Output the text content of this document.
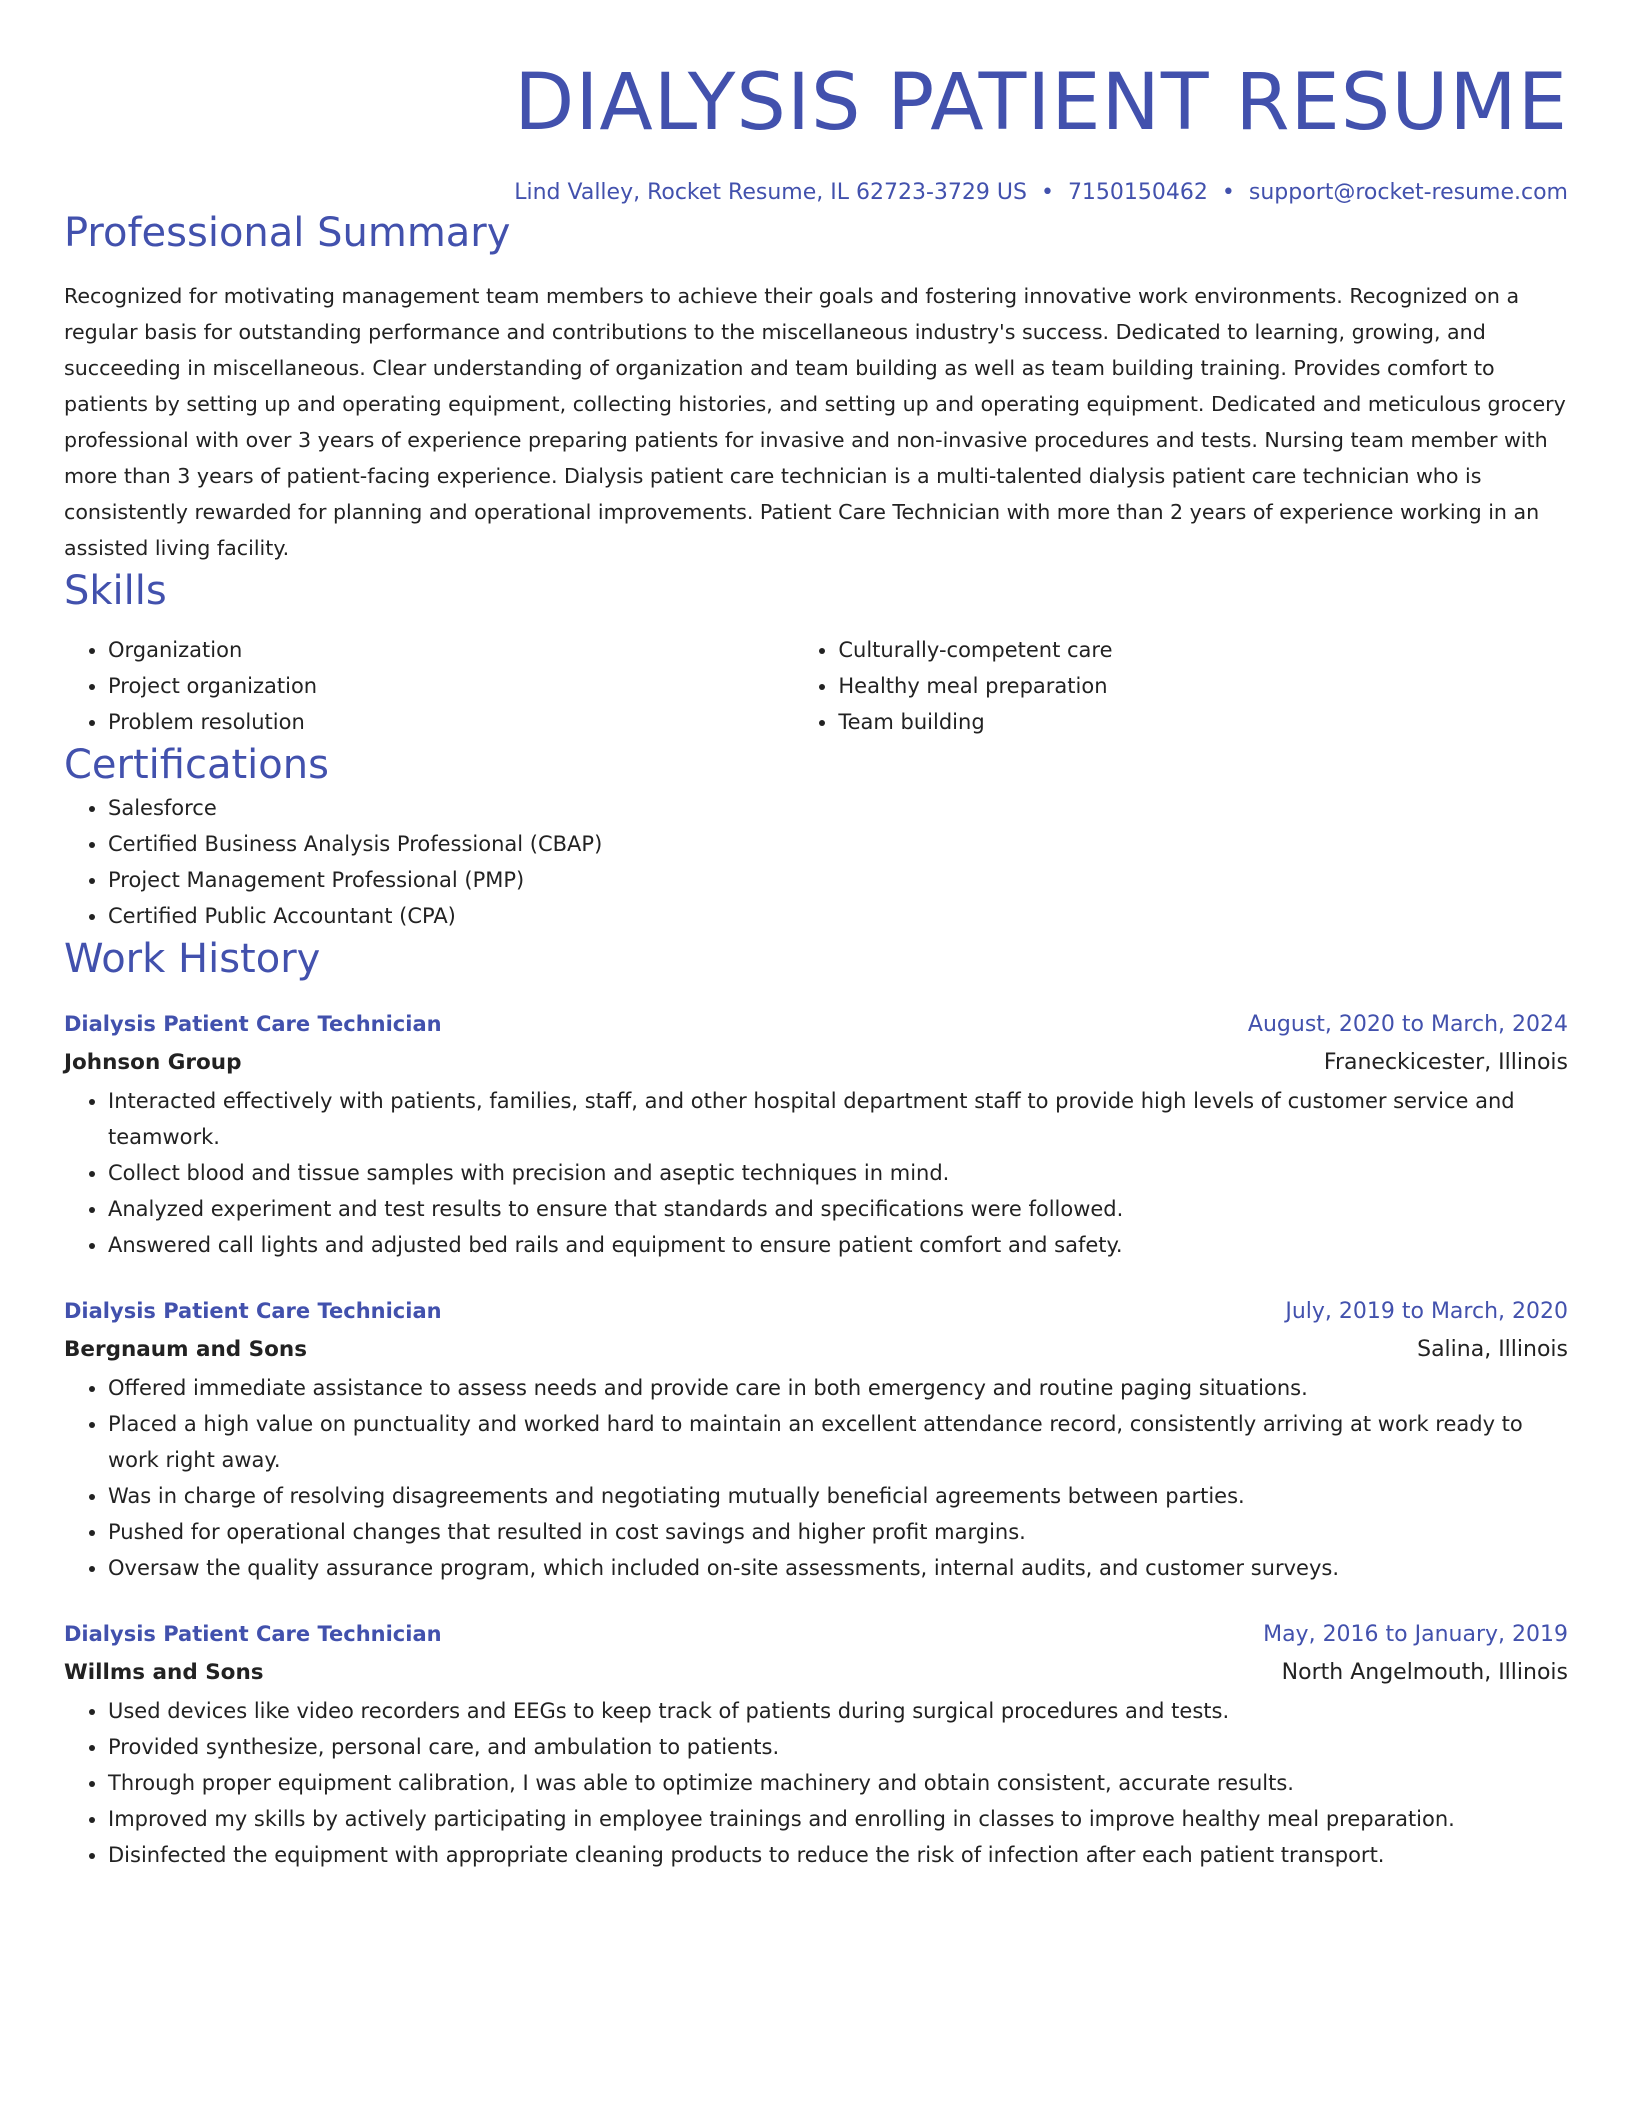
DIALYSIS PATIENT RESUME
Lind Valley, Rocket Resume, IL 62723-3729 US • 7150150462 • support@rocket-resume.com
Professional Summary

Recognized for motivating management team members to achieve their goals and fostering innovative work environments. Recognized on a regular basis for outstanding performance and contributions to the miscellaneous industry's success. Dedicated to learning, growing, and succeeding in miscellaneous. Clear understanding of organization and team building as well as team building training. Provides comfort to patients by setting up and operating equipment, collecting histories, and setting up and operating equipment. Dedicated and meticulous grocery professional with over 3 years of experience preparing patients for invasive and non-invasive procedures and tests. Nursing team member with more than 3 years of patient-facing experience. Dialysis patient care technician is a multi-talented dialysis patient care technician who is consistently rewarded for planning and operational improvements. Patient Care Technician with more than 2 years of experience working in an assisted living facility.

Skills
• Organization
• Project organization
• Problem resolution
• Culturally-competent care
• Healthy meal preparation
• Team building
Certifications
• Salesforce
• Certified Business Analysis Professional (CBAP)
• Project Management Professional (PMP)
• Certified Public Accountant (CPA)
Work History
Dialysis Patient Care Technician	August, 2020 to March, 2024
Johnson Group	Franeckicester, Illinois
• Interacted effectively with patients, families, staff, and other hospital department staff to provide high levels of customer service and teamwork.
• Collect blood and tissue samples with precision and aseptic techniques in mind.
• Analyzed experiment and test results to ensure that standards and specifications were followed.
• Answered call lights and adjusted bed rails and equipment to ensure patient comfort and safety.
Dialysis Patient Care Technician	July, 2019 to March, 2020
Bergnaum and Sons	Salina, Illinois
• Offered immediate assistance to assess needs and provide care in both emergency and routine paging situations.
• Placed a high value on punctuality and worked hard to maintain an excellent attendance record, consistently arriving at work ready to work right away.
• Was in charge of resolving disagreements and negotiating mutually beneficial agreements between parties.
• Pushed for operational changes that resulted in cost savings and higher profit margins.
• Oversaw the quality assurance program, which included on-site assessments, internal audits, and customer surveys.
Dialysis Patient Care Technician	May, 2016 to January, 2019
Willms and Sons	North Angelmouth, Illinois
• Used devices like video recorders and EEGs to keep track of patients during surgical procedures and tests.
• Provided synthesize, personal care, and ambulation to patients.
• Through proper equipment calibration, I was able to optimize machinery and obtain consistent, accurate results.
• Improved my skills by actively participating in employee trainings and enrolling in classes to improve healthy meal preparation.
• Disinfected the equipment with appropriate cleaning products to reduce the risk of infection after each patient transport.
